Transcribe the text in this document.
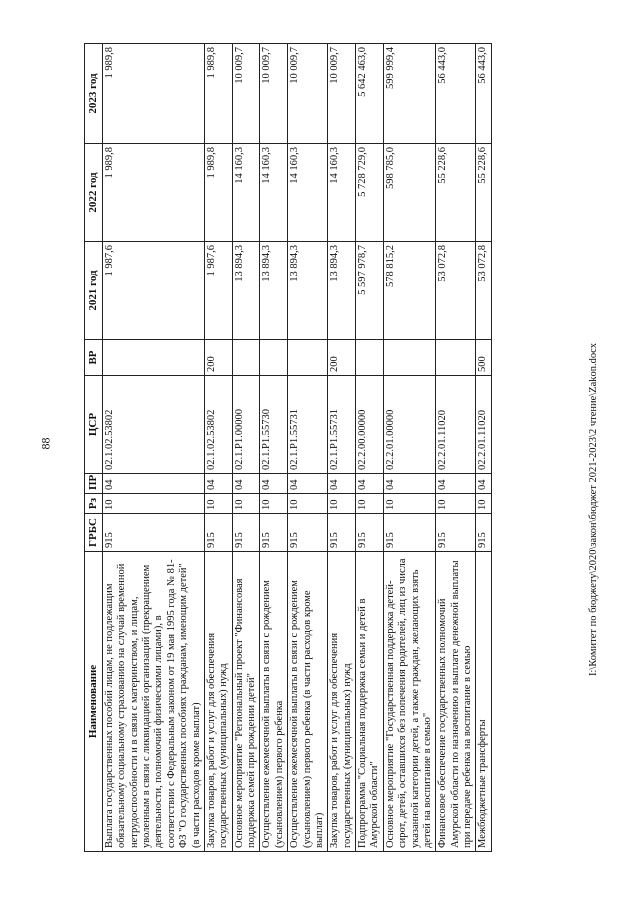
88
Наименование	ГРБС	Рз	ПР	ЦСР	ВР	2021 год	2022 год	2023 год
Выплата государственных пособий лицам, не подлежащим обязательному социальному страхованию на случай временной нетрудоспособности и в связи с материнством, и лицам, уволенным в связи с ликвидацией организаций (прекращением деятельности, полномочий физическими лицами), в соответствии с Федеральным законом от 19 мая 1995 года № 81-ФЗ "О государственных пособиях гражданам, имеющим детей" (в части расходов кроме выплат)	915	10	04	02.1.02.53802		1 987,6	1 989,8	1 989,8
Закупка товаров, работ и услуг для обеспечения государственных (муниципальных) нужд	915	10	04	02.1.02.53802	200	1 987,6	1 989,8	1 989,8
Основное мероприятие "Региональный проект "Финансовая поддержка семей при рождении детей"	915	10	04	02.1.P1.00000		13 894,3	14 160,3	10 009,7
Осуществление ежемесячной выплаты в связи с рождением (усыновлением) первого ребенка	915	10	04	02.1.P1.55730		13 894,3	14 160,3	10 009,7
Осуществление ежемесячной выплаты в связи с рождением (усыновлением) первого ребенка (в части расходов кроме выплат)	915	10	04	02.1.P1.55731		13 894,3	14 160,3	10 009,7
Закупка товаров, работ и услуг для обеспечения государственных (муниципальных) нужд	915	10	04	02.1.P1.55731	200	13 894,3	14 160,3	10 009,7
Подпрограмма "Социальная поддержка семьи и детей в Амурской области"	915	10	04	02.2.00.00000		5 597 978,7	5 728 729,0	5 642 463,0
Основное мероприятие "Государственная поддержка детей-сирот, детей, оставшихся без попечения родителей, лиц из числа указанной категории детей, а также граждан, желающих взять детей на воспитание в семью"	915	10	04	02.2.01.00000		578 815,2	598 785,0	599 999,4
Финансовое обеспечение государственных полномочий Амурской области по назначению и выплате денежной выплаты при передаче ребенка на воспитание в семью	915	10	04	02.2.01.11020		53 072,8	55 228,6	56 443,0
Межбюджетные трансферты	915	10	04	02.2.01.11020	500	53 072,8	55 228,6	56 443,0
I:\Комитет по бюджету\2020\закон\бюджет 2021-2023\2 чтение\Zakon.docx
